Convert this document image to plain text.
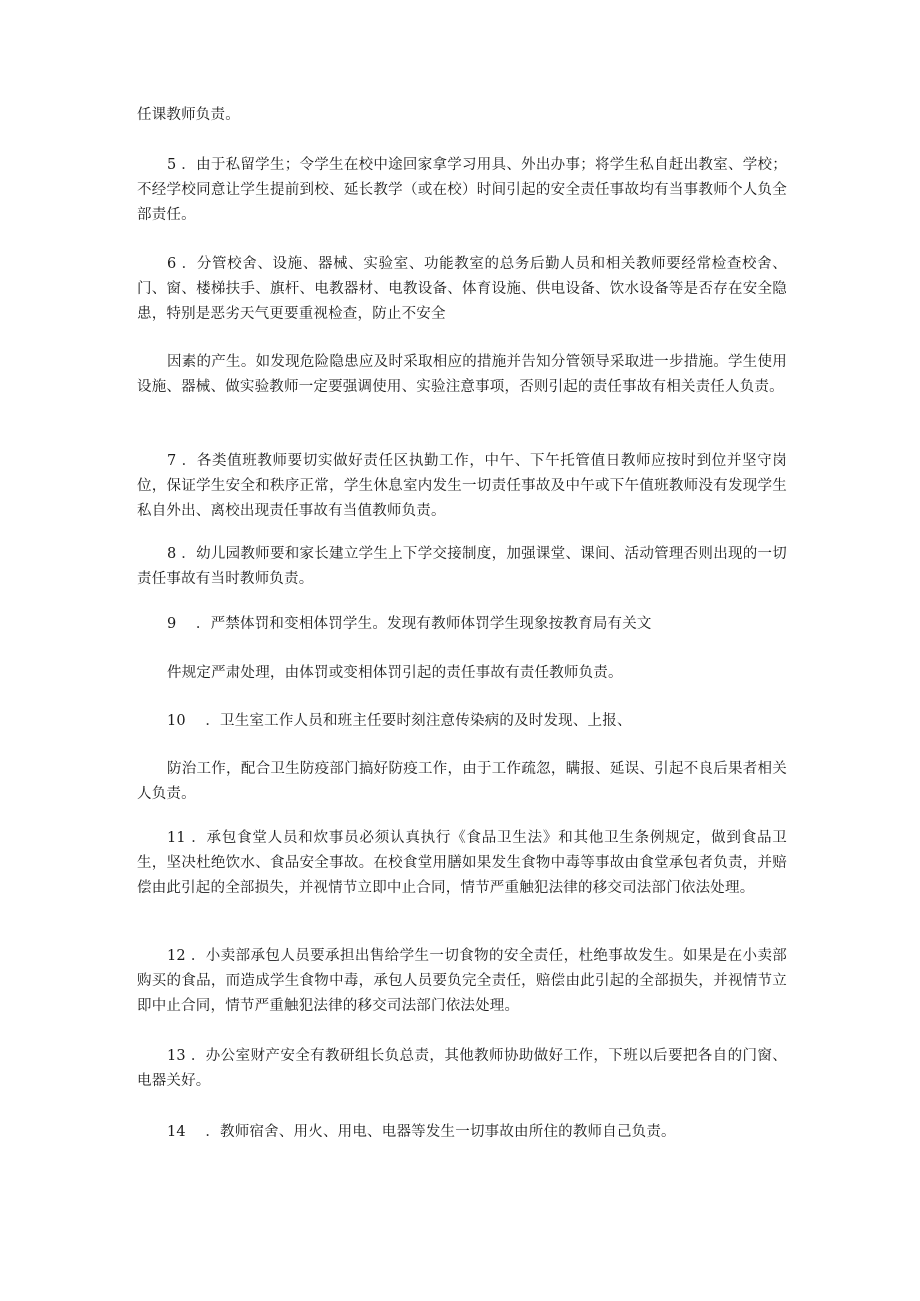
任课教师负责。

5 ．由于私留学生；令学生在校中途回家拿学习用具、外出办事；将学生私自赶出教室、学校；不经学校同意让学生提前到校、延长教学（或在校）时间引起的安全责任事故均有当事教师个人负全部责任。

6 ．分管校舍、设施、器械、实验室、功能教室的总务后勤人员和相关教师要经常检查校舍、门、窗、楼梯扶手、旗杆、电教器材、电教设备、体育设施、供电设备、饮水设备等是否存在安全隐患，特别是恶劣天气更要重视检查，防止不安全

因素的产生。如发现危险隐患应及时采取相应的措施并告知分管领导采取进一步措施。学生使用设施、器械、做实验教师一定要强调使用、实验注意事项，否则引起的责任事故有相关责任人负责。

7 ．各类值班教师要切实做好责任区执勤工作，中午、下午托管值日教师应按时到位并坚守岗位，保证学生安全和秩序正常，学生休息室内发生一切责任事故及中午或下午值班教师没有发现学生私自外出、离校出现责任事故有当值教师负责。

8 ．幼儿园教师要和家长建立学生上下学交接制度，加强课堂、课间、活动管理否则出现的一切责任事故有当时教师负责。

9　 ．严禁体罚和变相体罚学生。发现有教师体罚学生现象按教育局有关文

件规定严肃处理，由体罚或变相体罚引起的责任事故有责任教师负责。

10　 ．卫生室工作人员和班主任要时刻注意传染病的及时发现、上报、

防治工作，配合卫生防疫部门搞好防疫工作，由于工作疏忽，瞒报、延误、引起不良后果者相关人负责。

11 ．承包食堂人员和炊事员必须认真执行《食品卫生法》和其他卫生条例规定，做到食品卫生，坚决杜绝饮水、食品安全事故。在校食堂用膳如果发生食物中毒等事故由食堂承包者负责，并赔偿由此引起的全部损失，并视情节立即中止合同，情节严重触犯法律的移交司法部门依法处理。

12 ．小卖部承包人员要承担出售给学生一切食物的安全责任，杜绝事故发生。如果是在小卖部购买的食品，而造成学生食物中毒，承包人员要负完全责任，赔偿由此引起的全部损失，并视情节立即中止合同，情节严重触犯法律的移交司法部门依法处理。

13 ．办公室财产安全有教研组长负总责，其他教师协助做好工作，下班以后要把各自的门窗、电器关好。

14　 ．教师宿舍、用火、用电、电器等发生一切事故由所住的教师自己负责。
